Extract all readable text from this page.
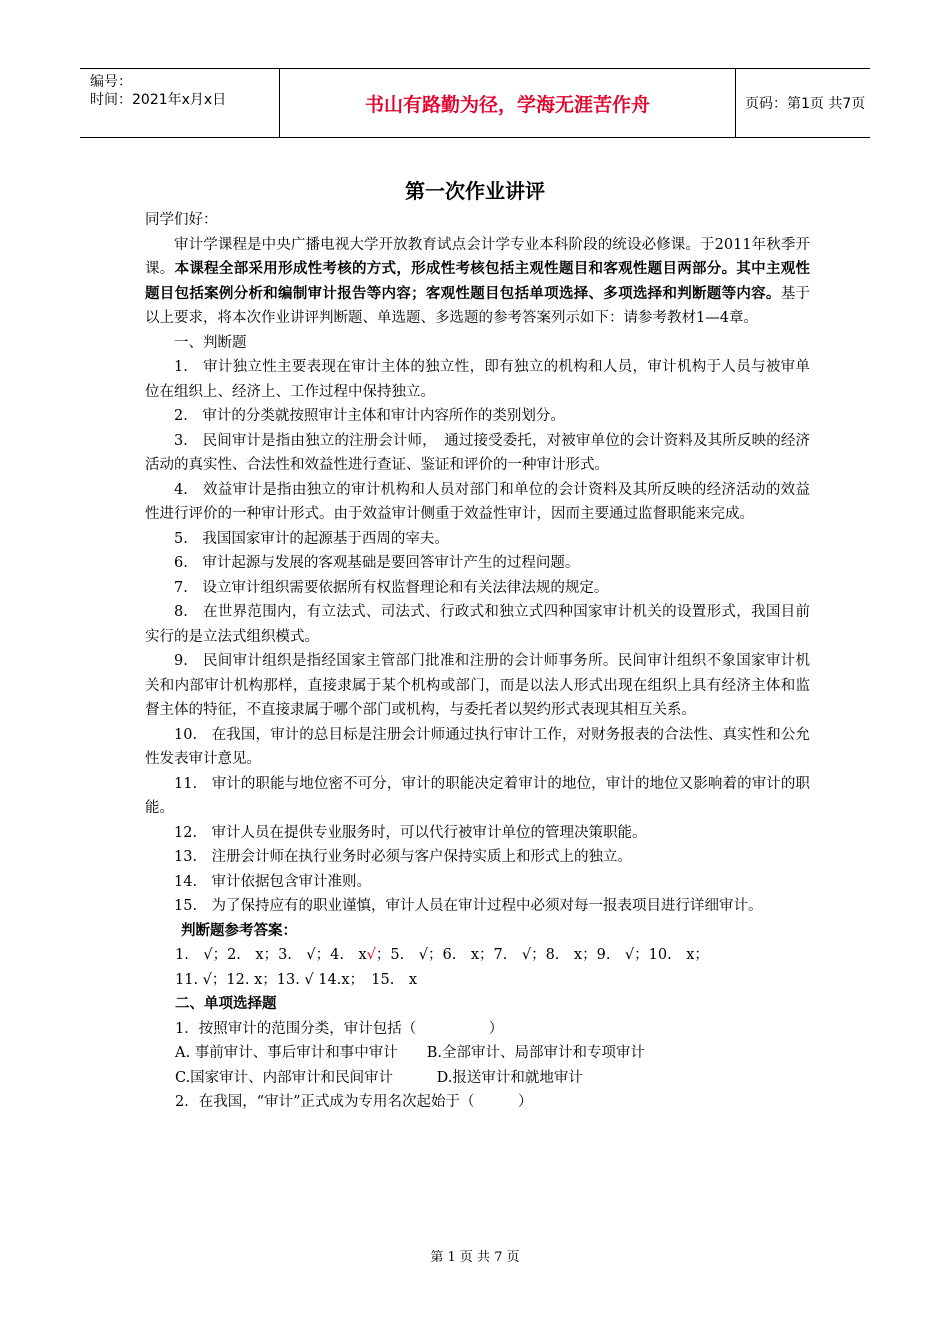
编号：
时间：2021年x月x日	书山有路勤为径，学海无涯苦作舟	页码：第1页 共7页
第一次作业讲评

同学们好：

审计学课程是中央广播电视大学开放教育试点会计学专业本科阶段的统设必修课。于2011年秋季开课。本课程全部采用形成性考核的方式，形成性考核包括主观性题目和客观性题目两部分。其中主观性题目包括案例分析和编制审计报告等内容；客观性题目包括单项选择、多项选择和判断题等内容。基于以上要求，将本次作业讲评判断题、单选题、多选题的参考答案列示如下：请参考教材1—4章。

一、判断题

1.　审计独立性主要表现在审计主体的独立性，即有独立的机构和人员，审计机构于人员与被审单位在组织上、经济上、工作过程中保持独立。

2.　审计的分类就按照审计主体和审计内容所作的类别划分。

3.　民间审计是指由独立的注册会计师，　通过接受委托，对被审单位的会计资料及其所反映的经济活动的真实性、合法性和效益性进行查证、鉴证和评价的一种审计形式。

4.　效益审计是指由独立的审计机构和人员对部门和单位的会计资料及其所反映的经济活动的效益性进行评价的一种审计形式。由于效益审计侧重于效益性审计，因而主要通过监督职能来完成。

5.　我国国家审计的起源基于西周的宰夫。

6.　审计起源与发展的客观基础是要回答审计产生的过程问题。

7.　设立审计组织需要依据所有权监督理论和有关法律法规的规定。

8.　在世界范围内，有立法式、司法式、行政式和独立式四种国家审计机关的设置形式，我国目前实行的是立法式组织模式。

9.　民间审计组织是指经国家主管部门批准和注册的会计师事务所。民间审计组织不象国家审计机关和内部审计机构那样，直接隶属于某个机构或部门，而是以法人形式出现在组织上具有经济主体和监督主体的特征，不直接隶属于哪个部门或机构，与委托者以契约形式表现其相互关系。

10.　在我国，审计的总目标是注册会计师通过执行审计工作，对财务报表的合法性、真实性和公允性发表审计意见。

11.　审计的职能与地位密不可分，审计的职能决定着审计的地位，审计的地位又影响着的审计的职能。

12.　审计人员在提供专业服务时，可以代行被审计单位的管理决策职能。

13.　注册会计师在执行业务时必须与客户保持实质上和形式上的独立。

14.　审计依据包含审计准则。

15.　为了保持应有的职业谨慎，审计人员在审计过程中必须对每一报表项目进行详细审计。

判断题参考答案：

1.　√；2.　x；3.　√；4.　x√；5.　√；6.　x；7.　√；8.　x；9.　√；10.　x；

11. √；12. x；13. √ 14.x；　15.　x

二、单项选择题

1．按照审计的范围分类，审计包括（　　　　　）

A. 事前审计、事后审计和事中审计　　B.全部审计、局部审计和专项审计

C.国家审计、内部审计和民间审计　　　D.报送审计和就地审计

2．在我国，“审计”正式成为专用名次起始于（　　　）

第 1 页 共 7 页
